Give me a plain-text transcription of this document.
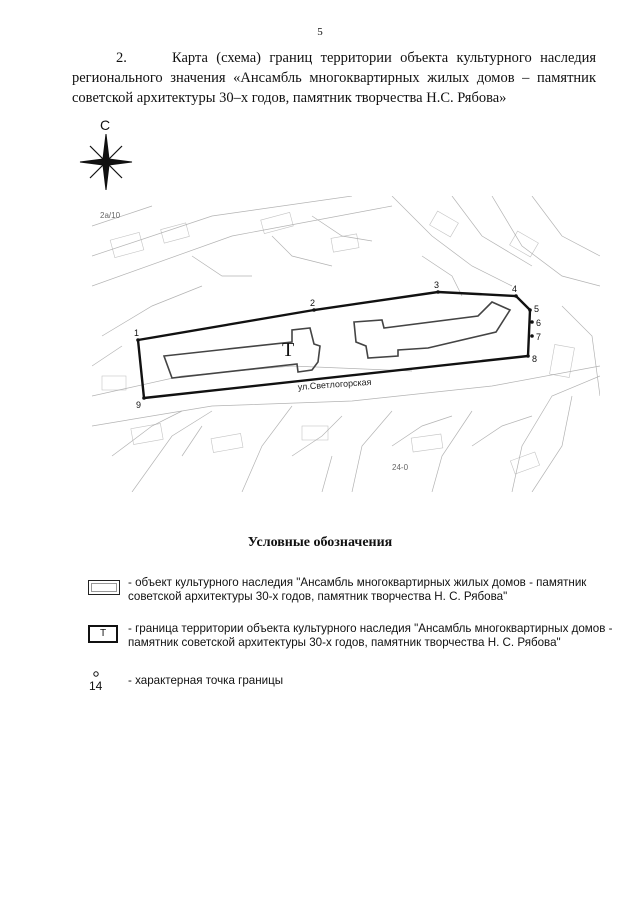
5
2.	Карта (схема) границ территории объекта культурного наследия регионального значения «Ансамбль многоквартирных жилых домов – памятник советской архитектуры 30–х годов, памятник творчества Н.С. Рябова»
С
Т
ул.Светлогорская
2а/10
24-0
1
2
3	4
5
6
7
8
9
Условные обозначения
- объект культурного наследия "Ансамбль многоквартирных жилых домов - памятник советской архитектуры 30-х годов, памятник творчества Н. С. Рябова"
Т	- граница территории объекта культурного наследия "Ансамбль многоквартирных домов - памятник советской архитектуры 30-х годов, памятник творчества Н. С. Рябова"
14 - характерная точка границы
